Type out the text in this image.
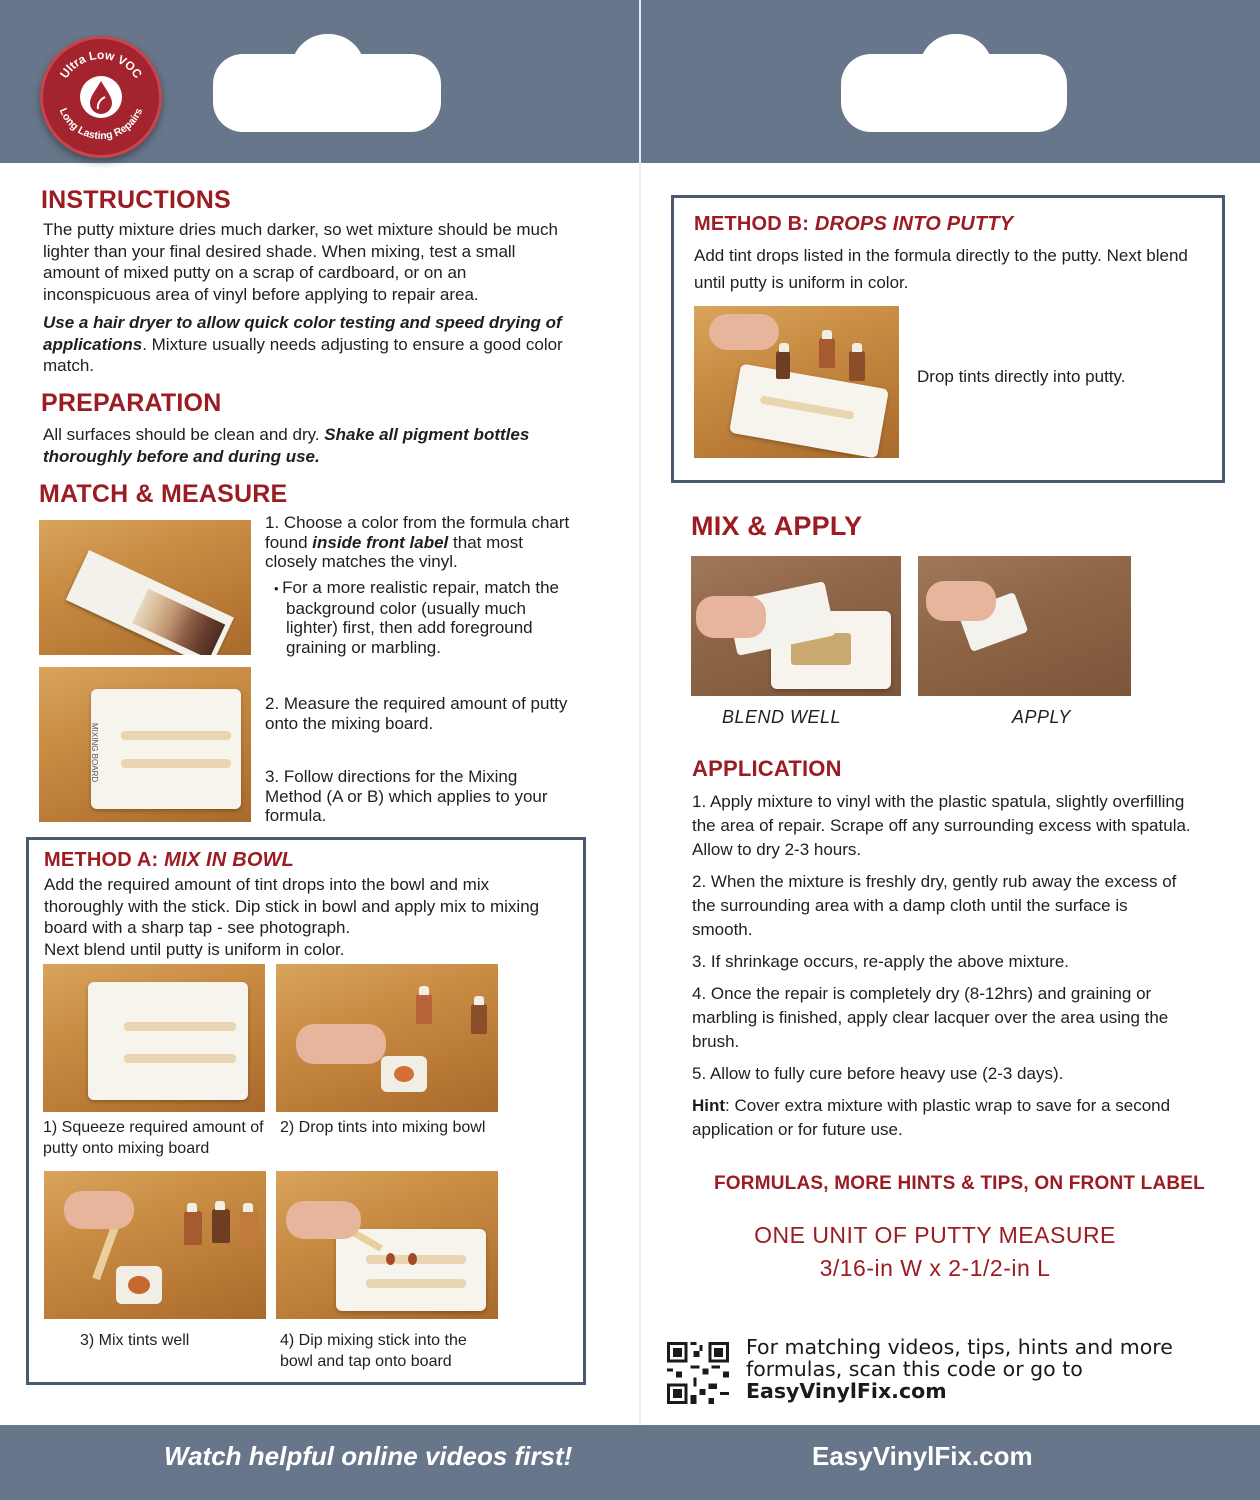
Ultra Low VOC
Long Lasting Repairs
INSTRUCTIONS
The putty mixture dries much darker, so wet mixture should be much lighter than your final desired shade. When mixing, test a small amount of mixed putty on a scrap of cardboard, or on an inconspicuous area of vinyl before applying to repair area.
Use a hair dryer to allow quick color testing and speed drying of applications. Mixture usually needs adjusting to ensure a good color match.
PREPARATION
All surfaces should be clean and dry. Shake all pigment bottles thoroughly before and during use.
MATCH & MEASURE
1. Choose a color from the formula chart found inside front label that most closely matches the vinyl.
• For a more realistic repair, match the background color (usually much lighter) first, then add foreground graining or marbling.
MIXING BOARD
2. Measure the required amount of putty onto the mixing board.
3. Follow directions for the Mixing Method (A or B) which applies to your formula.
METHOD A: MIX IN BOWL
Add the required amount of tint drops into the bowl and mix thoroughly with the stick. Dip stick in bowl and apply mix to mixing board with a sharp tap - see photograph.
Next blend until putty is uniform in color.
1) Squeeze required amount of putty onto mixing board
2) Drop tints into mixing bowl
3) Mix tints well	4) Dip mixing stick into the bowl and tap onto board
METHOD B: DROPS INTO PUTTY
Add tint drops listed in the formula directly to the putty. Next blend until putty is uniform in color.
Drop tints directly into putty.
MIX & APPLY
BLEND WELL	APPLY
APPLICATION

1. Apply mixture to vinyl with the plastic spatula, slightly overfilling the area of repair. Scrape off any surrounding excess with spatula. Allow to dry 2-3 hours.

2. When the mixture is freshly dry, gently rub away the excess of the surrounding area with a damp cloth until the surface is smooth.

3. If shrinkage occurs, re-apply the above mixture.

4. Once the repair is completely dry (8-12hrs) and graining or marbling is finished, apply clear lacquer over the area using the brush.

5. Allow to fully cure before heavy use (2-3 days).

Hint: Cover extra mixture with plastic wrap to save for a second application or for future use.

FORMULAS, MORE HINTS & TIPS, ON FRONT LABEL
ONE UNIT OF PUTTY MEASURE
3/16-in W x 2-1/2-in L
For matching videos, tips, hints and more
formulas, scan this code or go to
EasyVinylFix.com
Watch helpful online videos first!	EasyVinylFix.com
